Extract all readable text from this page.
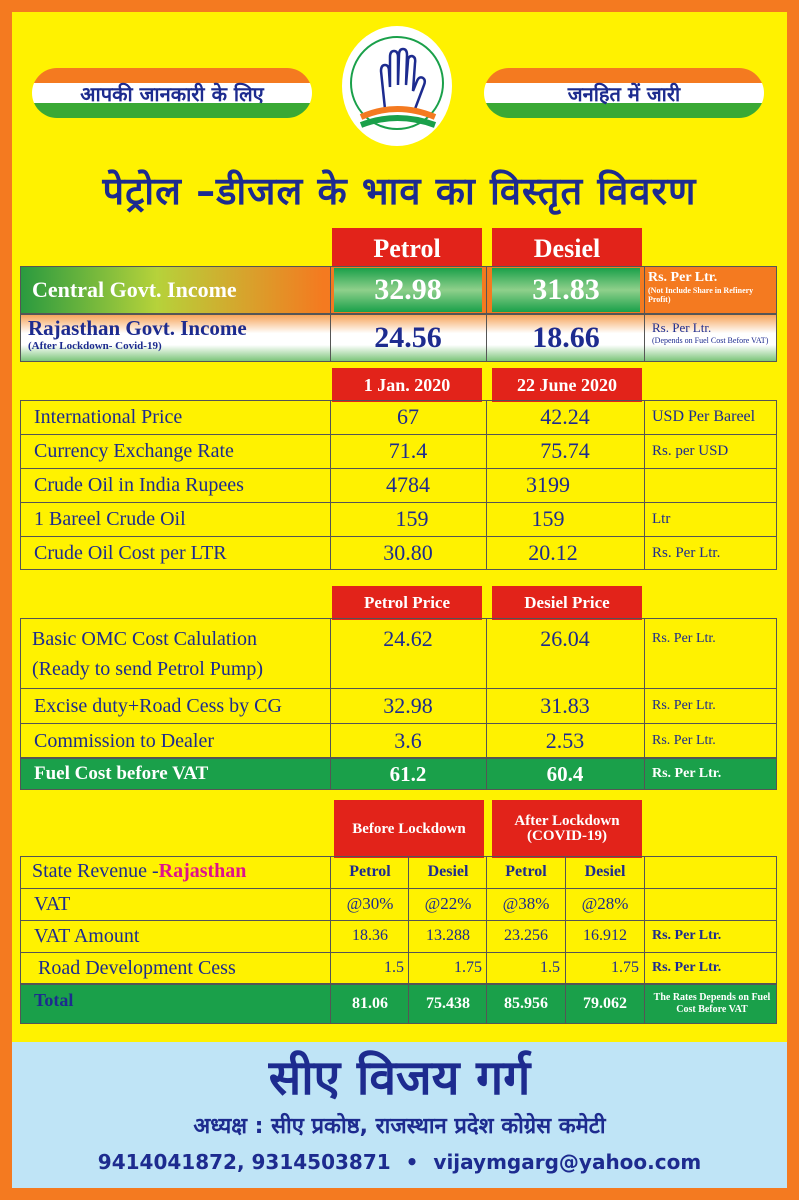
आपकी जानकारी के लिए	जनहित में जारी
पेट्रोल –डीजल के भाव का विस्तृत विवरण
Petrol	Desiel
Central Govt. Income	32.98	31.83	Rs. Per Ltr.
(Not Include Share in Refinery Profit)
Rajasthan Govt. Income
(After Lockdown- Covid-19)	24.56	18.66	Rs. Per Ltr.
(Depends on Fuel Cost Before VAT)
1 Jan. 2020	22 June 2020
International Price	67	42.24	USD Per Bareel
Currency Exchange Rate	71.4	75.74	Rs. per USD
Crude Oil in India Rupees	4784	3199
1 Bareel Crude Oil	159	159	Ltr
Crude Oil Cost per LTR	30.80	20.12	Rs. Per Ltr.
Petrol Price	Desiel Price
Basic OMC Cost Calulation
(Ready to send Petrol Pump)
24.62	26.04	Rs. Per Ltr.
Excise duty+Road Cess by CG	32.98	31.83	Rs. Per Ltr.
Commission to Dealer	3.6	2.53	Rs. Per Ltr.
Fuel Cost before VAT	61.2	60.4	Rs. Per Ltr.
Before Lockdown	After Lockdown (COVID-19)
State Revenue -Rajasthan	Petrol	Desiel	Petrol	Desiel
VAT	@30%	@22%	@38%	@28%
VAT Amount	18.36	13.288	23.256	16.912	Rs. Per Ltr.
Road Development Cess	1.5	1.75	1.5	1.75 Rs. Per Ltr.
Total	81.06	75.438	85.956	79.062	The Rates Depends on Fuel Cost Before VAT
सीए विजय गर्ग
अध्यक्ष : सीए प्रकोष्ठ, राजस्थान प्रदेश कोग्रेस कमेटी
9414041872, 9314503871 • vijaymgarg@yahoo.com
